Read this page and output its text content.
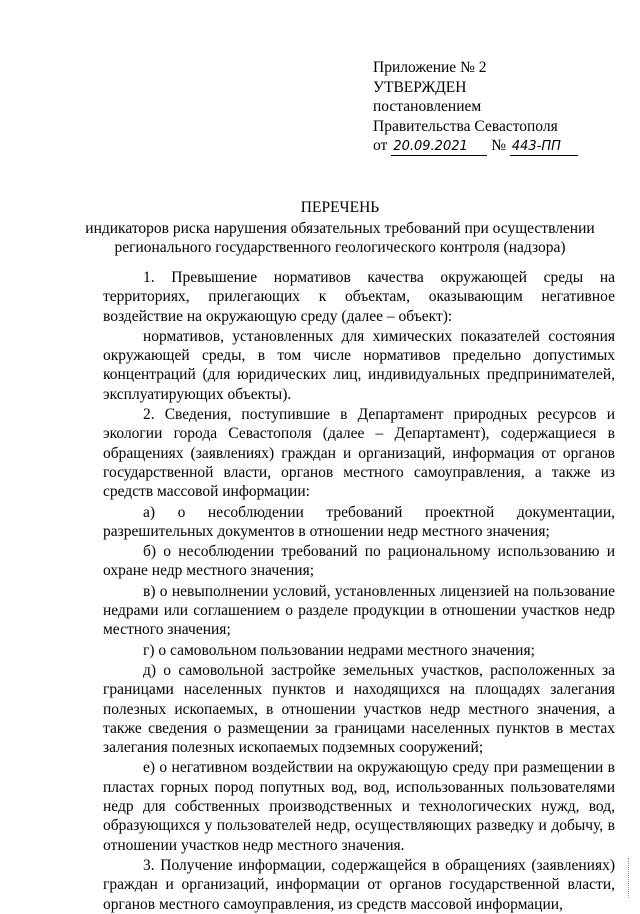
Приложение № 2
УТВЕРЖДЕН
постановлением
Правительства Севастополя
от 20.09.2021 № 443-ПП
ПЕРЕЧЕНЬ
индикаторов риска нарушения обязательных требований при осуществлении
регионального государственного геологического контроля (надзора)

1. Превышение нормативов качества окружающей среды на территориях, прилегающих к объектам, оказывающим негативное воздействие на окружающую среду (далее – объект):

нормативов, установленных для химических показателей состояния окружающей среды, в том числе нормативов предельно допустимых концентраций (для юридических лиц, индивидуальных предпринимателей, эксплуатирующих объекты).

2. Сведения, поступившие в Департамент природных ресурсов и экологии города Севастополя (далее – Департамент), содержащиеся в обращениях (заявлениях) граждан и организаций, информация от органов государственной власти, органов местного самоуправления, а также из средств массовой информации:

а) о несоблюдении требований проектной документации, разрешительных документов в отношении недр местного значения;

б) о несоблюдении требований по рациональному использованию и охране недр местного значения;

в) о невыполнении условий, установленных лицензией на пользование недрами или соглашением о разделе продукции в отношении участков недр местного значения;

г) о самовольном пользовании недрами местного значения;

д) о самовольной застройке земельных участков, расположенных за границами населенных пунктов и находящихся на площадях залегания полезных ископаемых, в отношении участков недр местного значения, а также сведения о размещении за границами населенных пунктов в местах залегания полезных ископаемых подземных сооружений;

е) о негативном воздействии на окружающую среду при размещении в пластах горных пород попутных вод, вод, использованных пользователями недр для собственных производственных и технологических нужд, вод, образующихся у пользователей недр, осуществляющих разведку и добычу, в отношении участков недр местного значения.

3. Получение информации, содержащейся в обращениях (заявлениях) граждан и организаций, информации от органов государственной власти, органов местного самоуправления, из средств массовой информации,
